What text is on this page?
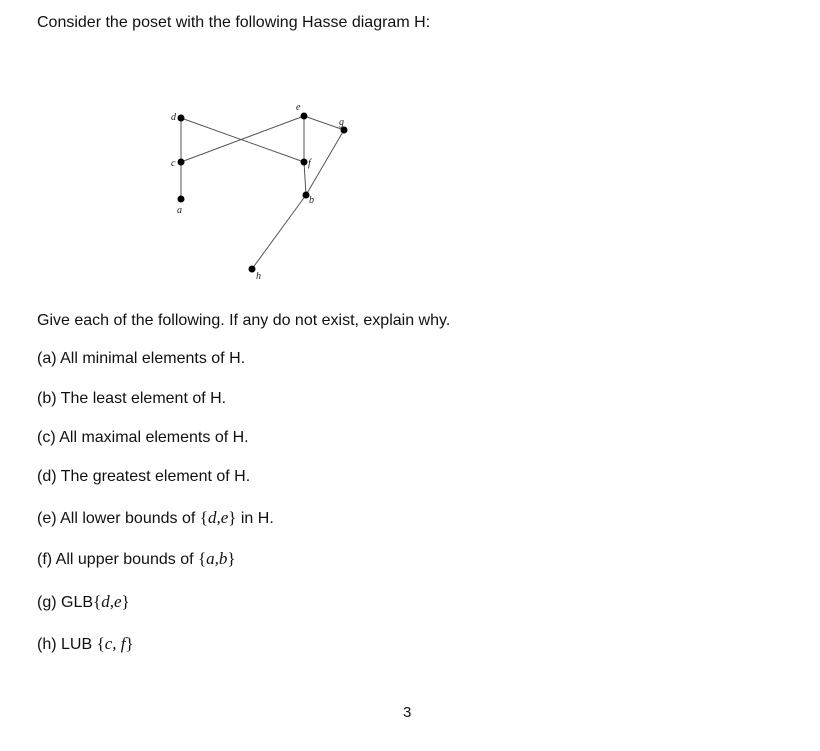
Consider the poset with the following Hasse diagram H:
d
c
a
e
g
f
b
h
Give each of the following. If any do not exist, explain why.
(a) All minimal elements of H.
(b) The least element of H.
(c) All maximal elements of H.
(d) The greatest element of H.
(e) All lower bounds of {d,e} in H.
(f) All upper bounds of {a,b}
(g) GLB{d,e}
(h) LUB {c, f}
3
